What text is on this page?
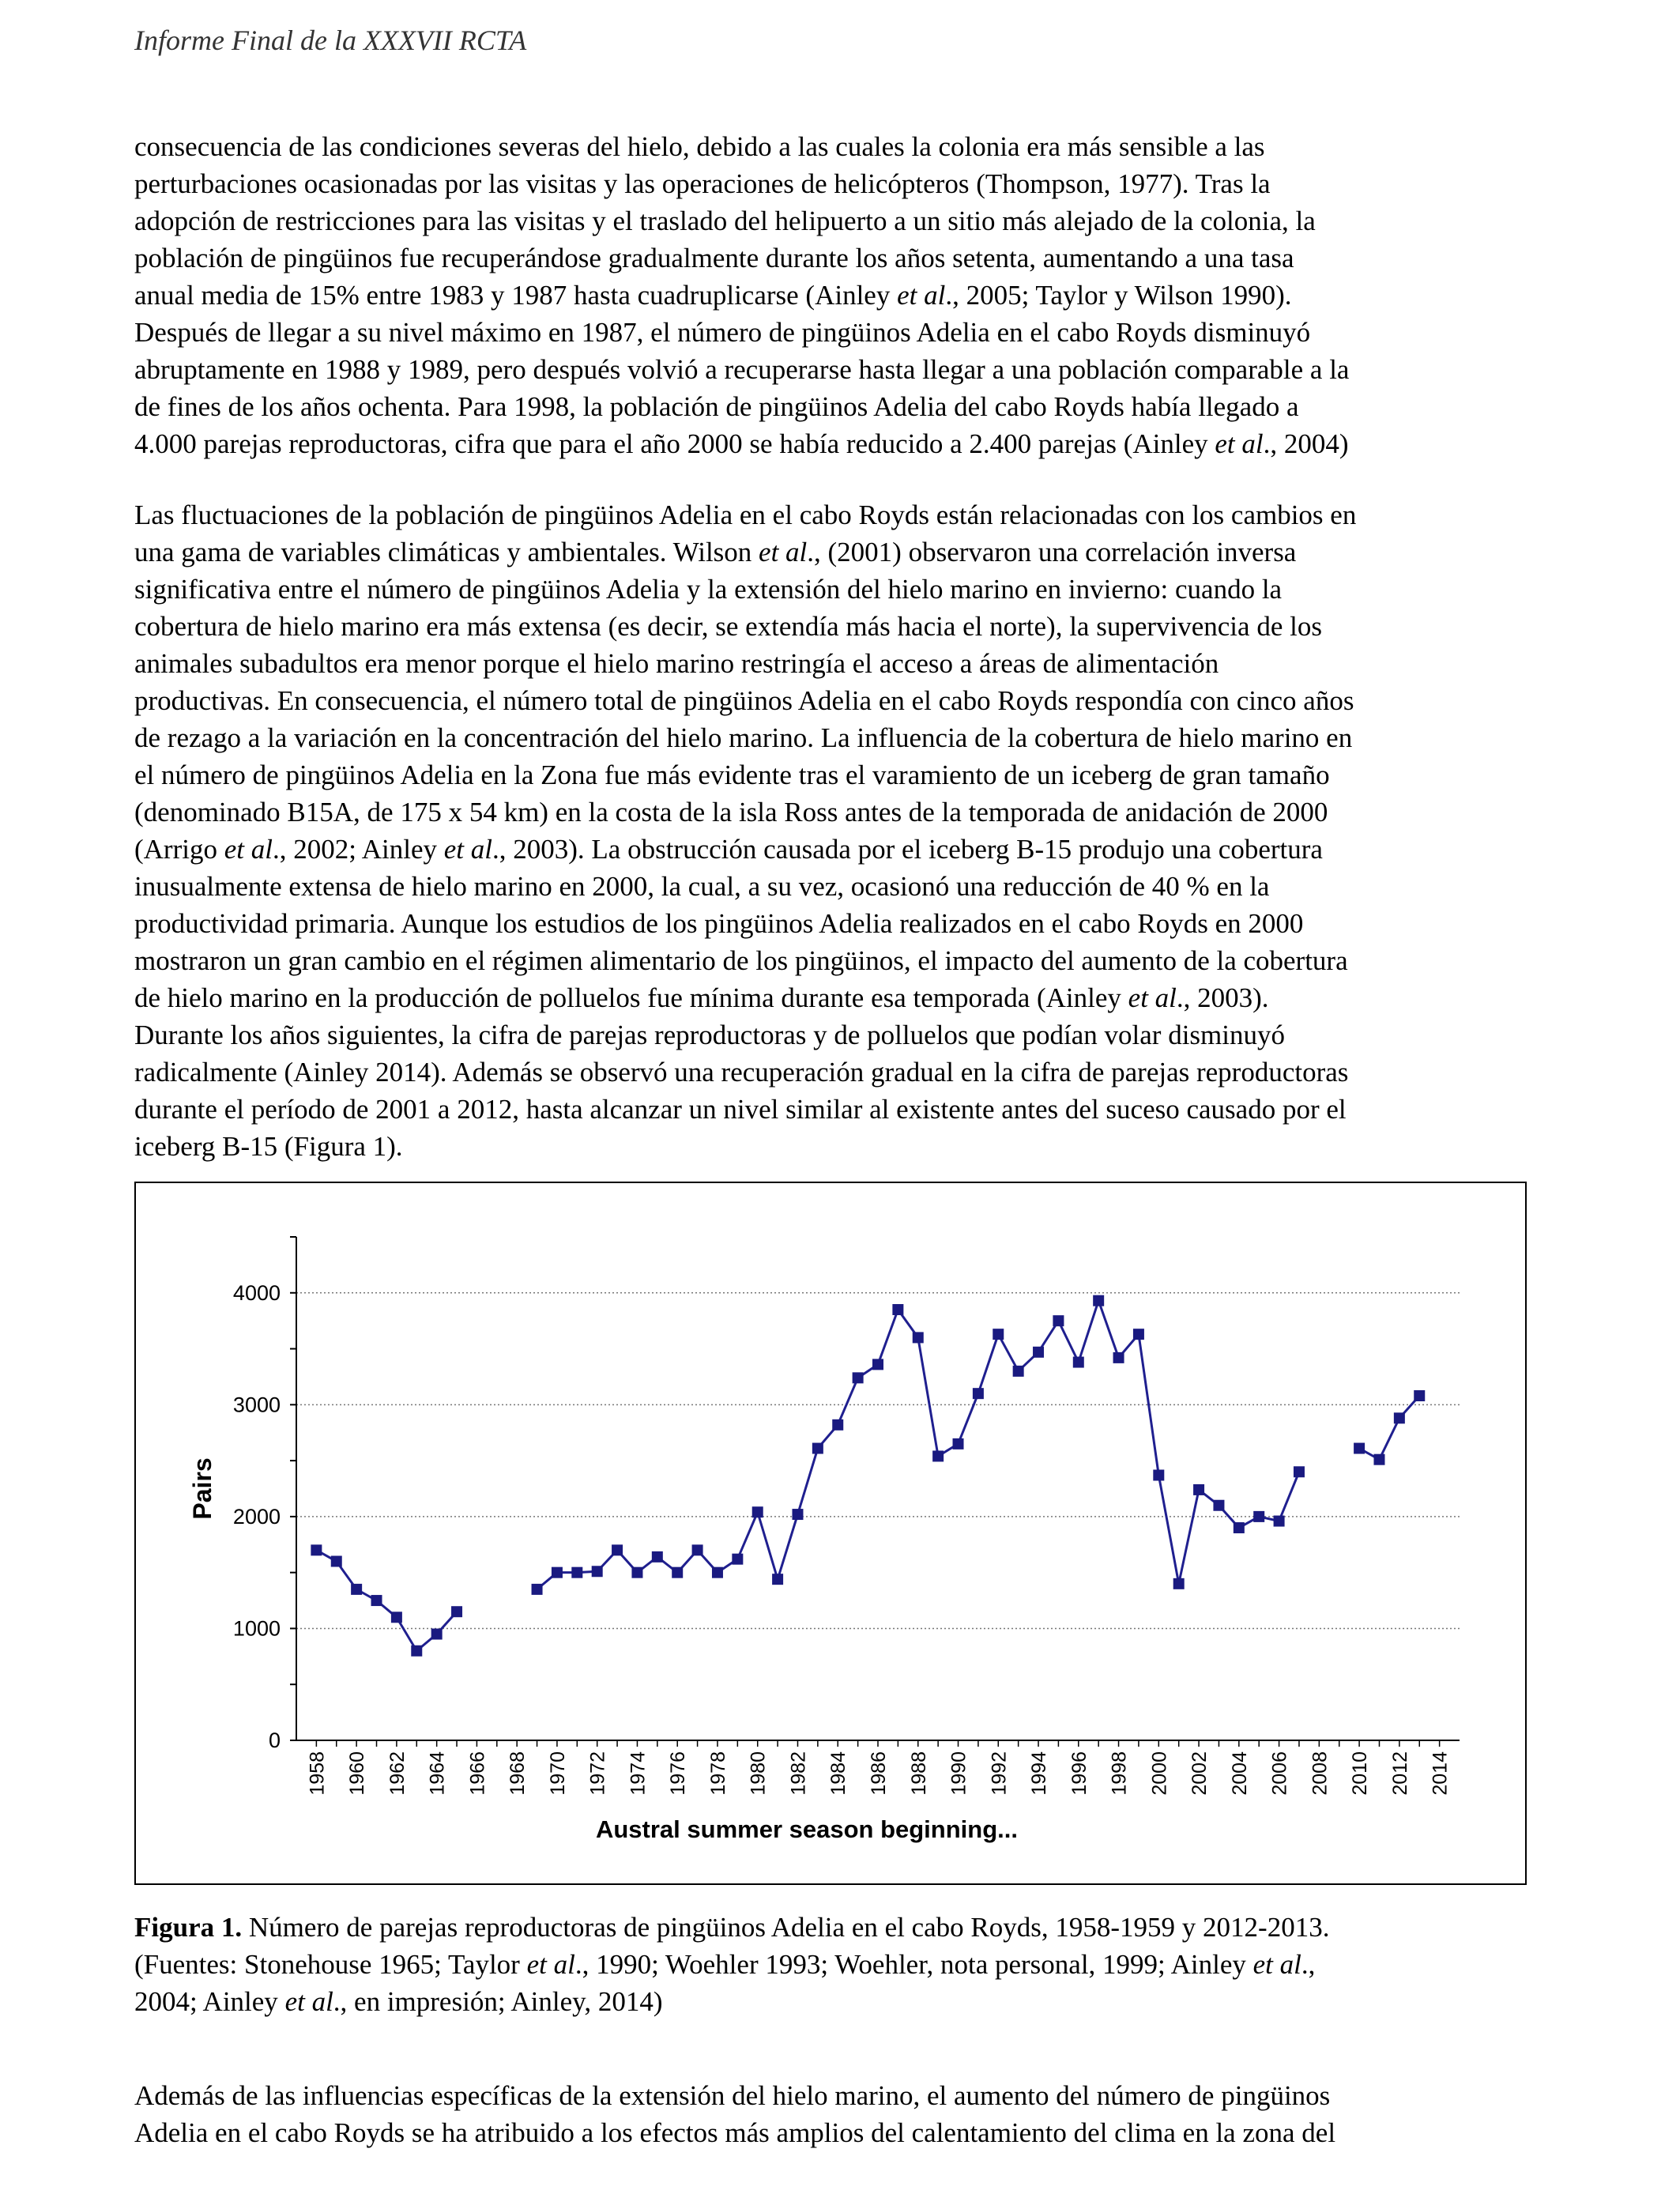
Informe Final de la XXXVII RCTA

consecuencia de las condiciones severas del hielo, debido a las cuales la colonia era más sensible a las
perturbaciones ocasionadas por las visitas y las operaciones de helicópteros (Thompson, 1977). Tras la
adopción de restricciones para las visitas y el traslado del helipuerto a un sitio más alejado de la colonia, la
población de pingüinos fue recuperándose gradualmente durante los años setenta, aumentando a una tasa
anual media de 15% entre 1983 y 1987 hasta cuadruplicarse (Ainley et al., 2005; Taylor y Wilson 1990).
Después de llegar a su nivel máximo en 1987, el número de pingüinos Adelia en el cabo Royds disminuyó
abruptamente en 1988 y 1989, pero después volvió a recuperarse hasta llegar a una población comparable a la
de fines de los años ochenta. Para 1998, la población de pingüinos Adelia del cabo Royds había llegado a
4.000 parejas reproductoras, cifra que para el año 2000 se había reducido a 2.400 parejas (Ainley et al., 2004)

Las fluctuaciones de la población de pingüinos Adelia en el cabo Royds están relacionadas con los cambios en
una gama de variables climáticas y ambientales. Wilson et al., (2001) observaron una correlación inversa
significativa entre el número de pingüinos Adelia y la extensión del hielo marino en invierno: cuando la
cobertura de hielo marino era más extensa (es decir, se extendía más hacia el norte), la supervivencia de los
animales subadultos era menor porque el hielo marino restringía el acceso a áreas de alimentación
productivas. En consecuencia, el número total de pingüinos Adelia en el cabo Royds respondía con cinco años
de rezago a la variación en la concentración del hielo marino. La influencia de la cobertura de hielo marino en
el número de pingüinos Adelia en la Zona fue más evidente tras el varamiento de un iceberg de gran tamaño
(denominado B15A, de 175 x 54 km) en la costa de la isla Ross antes de la temporada de anidación de 2000
(Arrigo et al., 2002; Ainley et al., 2003). La obstrucción causada por el iceberg B-15 produjo una cobertura
inusualmente extensa de hielo marino en 2000, la cual, a su vez, ocasionó una reducción de 40 % en la
productividad primaria. Aunque los estudios de los pingüinos Adelia realizados en el cabo Royds en 2000
mostraron un gran cambio en el régimen alimentario de los pingüinos, el impacto del aumento de la cobertura
de hielo marino en la producción de polluelos fue mínima durante esa temporada (Ainley et al., 2003).
Durante los años siguientes, la cifra de parejas reproductoras y de polluelos que podían volar disminuyó
radicalmente (Ainley 2014). Además se observó una recuperación gradual en la cifra de parejas reproductoras
durante el período de 2001 a 2012, hasta alcanzar un nivel similar al existente antes del suceso causado por el
iceberg B-15 (Figura 1).

0
1000
2000
3000
4000
1958 1960 1962 1964 1966 1968 1970 1972 1974 1976 1978 1980 1982 1984 1986 1988 1990 1992 1994 1996 1998 2000 2002 2004 2006 2008 2010 2012 2014
Pairs
Austral summer season beginning...

Figura 1. Número de parejas reproductoras de pingüinos Adelia en el cabo Royds, 1958-1959 y 2012-2013.
(Fuentes: Stonehouse 1965; Taylor et al., 1990; Woehler 1993; Woehler, nota personal, 1999; Ainley et al.,
2004; Ainley et al., en impresión; Ainley, 2014)

Además de las influencias específicas de la extensión del hielo marino, el aumento del número de pingüinos
Adelia en el cabo Royds se ha atribuido a los efectos más amplios del calentamiento del clima en la zona del
